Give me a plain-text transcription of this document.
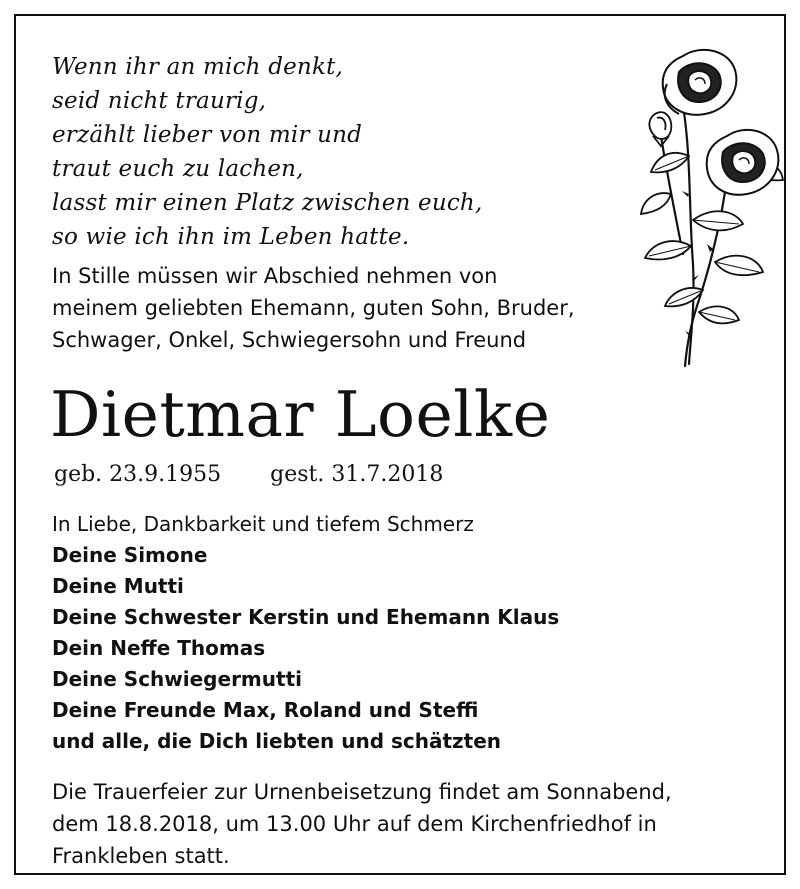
Wenn ihr an mich denkt,
seid nicht traurig,
erzählt lieber von mir und
traut euch zu lachen,
lasst mir einen Platz zwischen euch,
so wie ich ihn im Leben hatte.
In Stille müssen wir Abschied nehmen von
meinem geliebten Ehemann, guten Sohn, Bruder,
Schwager, Onkel, Schwiegersohn und Freund
Dietmar Loelke
geb. 23.9.1955 gest. 31.7.2018
In Liebe, Dankbarkeit und tiefem Schmerz
Deine Simone
Deine Mutti
Deine Schwester Kerstin und Ehemann Klaus
Dein Neffe Thomas
Deine Schwiegermutti
Deine Freunde Max, Roland und Steffi
und alle, die Dich liebten und schätzten
Die Trauerfeier zur Urnenbeisetzung findet am Sonnabend,
dem 18.8.2018, um 13.00 Uhr auf dem Kirchenfriedhof in
Frankleben statt.
